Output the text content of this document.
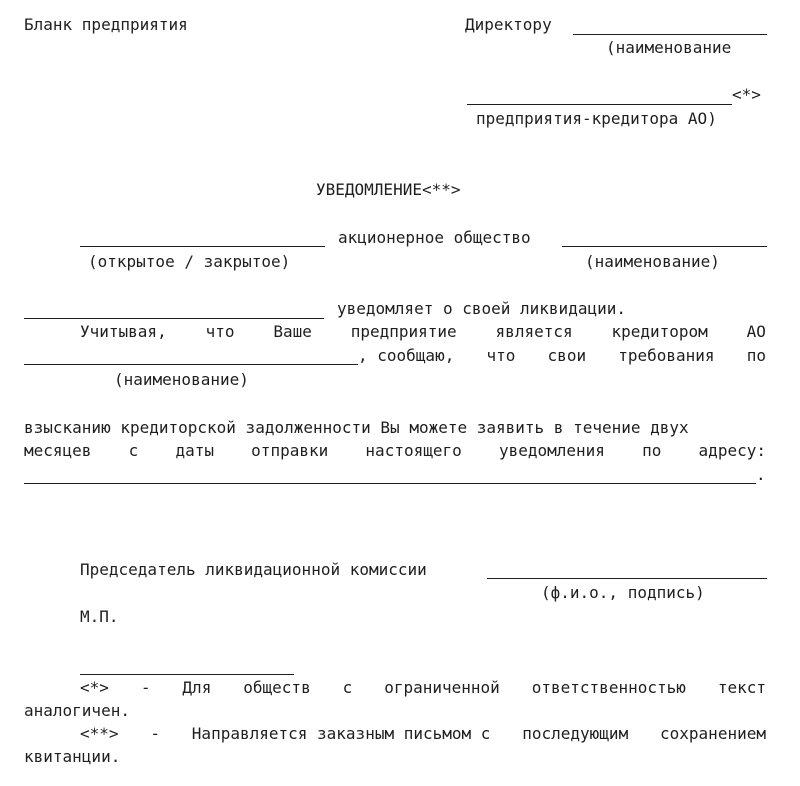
Бланк предприятия	Директору
(наименование
<*>
предприятия-кредитора АО)
УВЕДОМЛЕНИЕ<**>
акционерное общество
(открытое / закрытое)	(наименование)
уведомляет о своей ликвидации.
Учитывая, что Ваше предприятие является кредитором АО
, сообщаю, что свои требования по
(наименование)
взысканию кредиторской задолженности Вы можете заявить в течение двух
месяцев с даты отправки настоящего уведомления по адресу:
.
Председатель ликвидационной комиссии
(ф.и.о., подпись)
М.П.
<*> - Для обществ с ограниченной ответственностью текст
аналогичен.
<**> - Направляется заказным письмом с последующим сохранением
квитанции.
